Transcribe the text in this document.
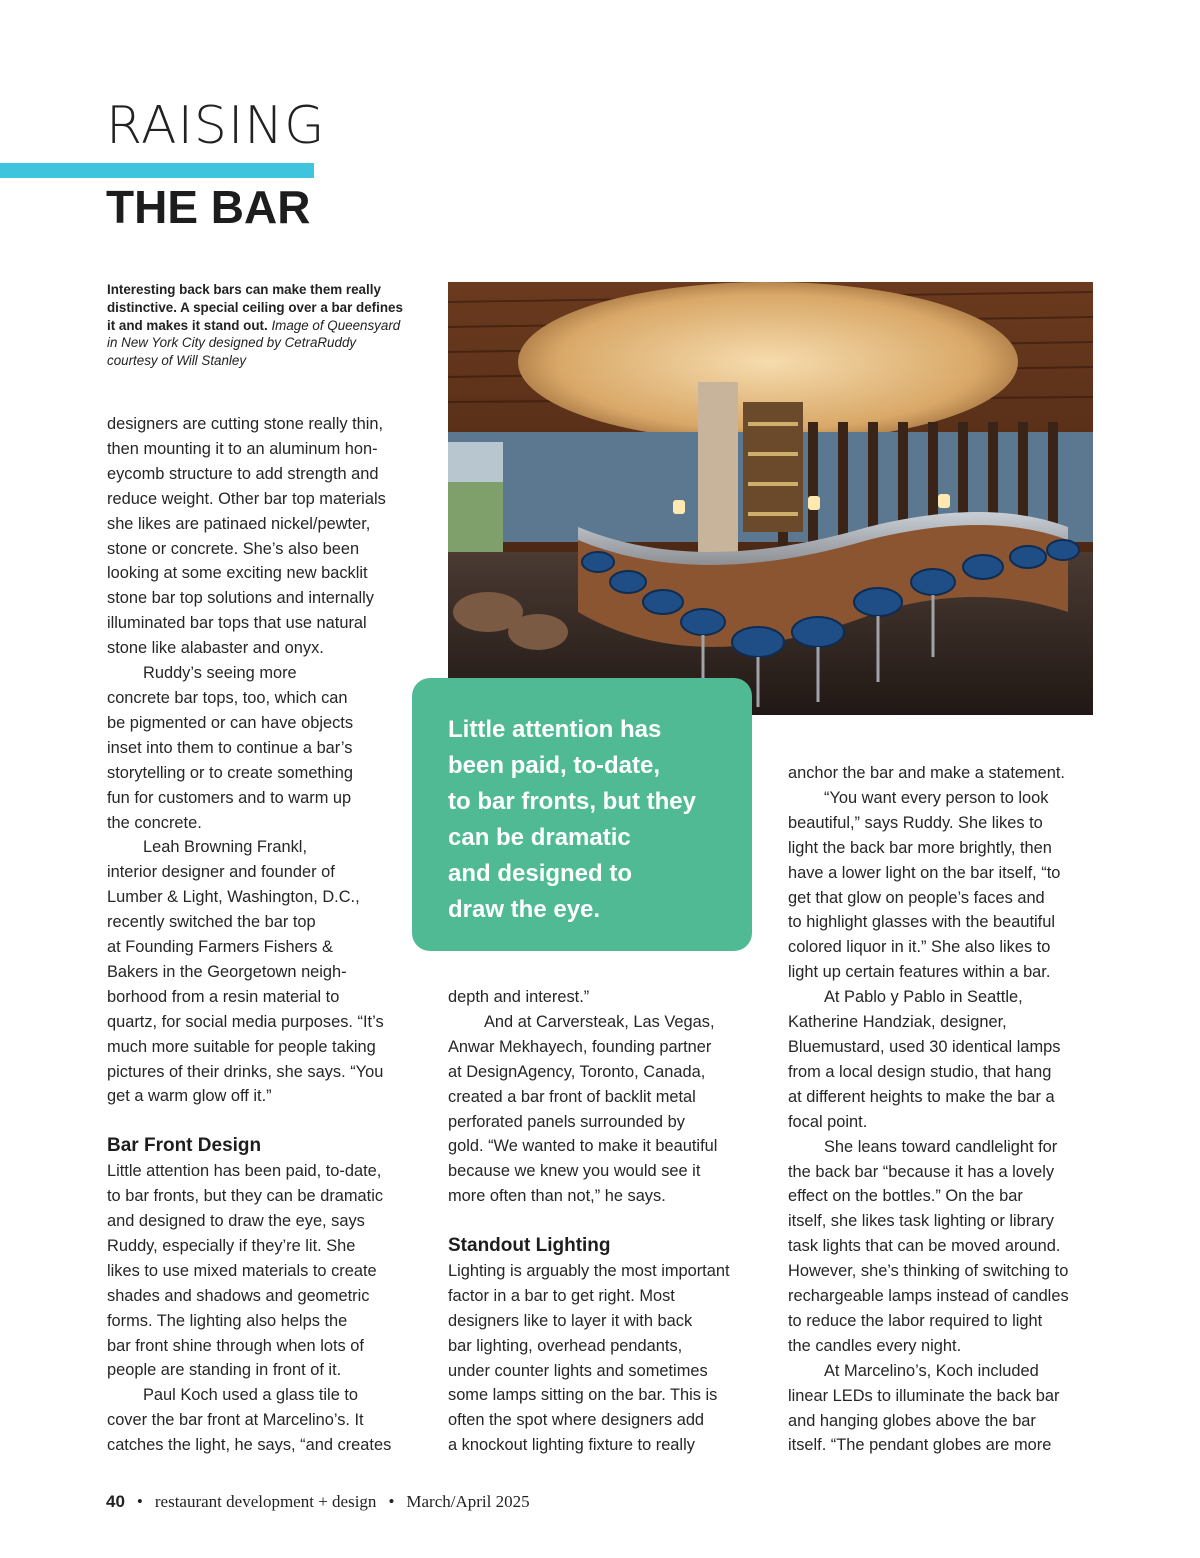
RAISING
THE BAR
Interesting back bars can make them really distinctive. A special ceiling over a bar defines it and makes it stand out. Image of Queensyard in New York City designed by CetraRuddy courtesy of Will Stanley
Little attention has
been paid, to-date,
to bar fronts, but they
can be dramatic
and designed to
draw the eye.

designers are cutting stone really thin,
then mounting it to an aluminum hon-
eycomb structure to add strength and
reduce weight. Other bar top materials
she likes are patinaed nickel/pewter,
stone or concrete. She’s also been
looking at some exciting new backlit
stone bar top solutions and internally
illuminated bar tops that use natural
stone like alabaster and onyx.

Ruddy’s seeing more
concrete bar tops, too, which can
be pigmented or can have objects
inset into them to continue a bar’s
storytelling or to create something
fun for customers and to warm up
the concrete.

Leah Browning Frankl,
interior designer and founder of
Lumber & Light, Washington, D.C.,
recently switched the bar top
at Founding Farmers Fishers &
Bakers in the Georgetown neigh-
borhood from a resin material to
quartz, for social media purposes. “It’s
much more suitable for people taking
pictures of their drinks, she says. “You
get a warm glow off it.”

Bar Front Design

Little attention has been paid, to-date,
to bar fronts, but they can be dramatic
and designed to draw the eye, says
Ruddy, especially if they’re lit. She
likes to use mixed materials to create
shades and shadows and geometric
forms. The lighting also helps the
bar front shine through when lots of
people are standing in front of it.

Paul Koch used a glass tile to
cover the bar front at Marcelino’s. It
catches the light, he says, “and creates

depth and interest.”

And at Carversteak, Las Vegas,
Anwar Mekhayech, founding partner
at DesignAgency, Toronto, Canada,
created a bar front of backlit metal
perforated panels surrounded by
gold. “We wanted to make it beautiful
because we knew you would see it
more often than not,” he says.

Standout Lighting

Lighting is arguably the most important
factor in a bar to get right. Most
designers like to layer it with back
bar lighting, overhead pendants,
under counter lights and sometimes
some lamps sitting on the bar. This is
often the spot where designers add
a knockout lighting fixture to really

anchor the bar and make a statement.

“You want every person to look
beautiful,” says Ruddy. She likes to
light the back bar more brightly, then
have a lower light on the bar itself, “to
get that glow on people’s faces and
to highlight glasses with the beautiful
colored liquor in it.” She also likes to
light up certain features within a bar.

At Pablo y Pablo in Seattle,
Katherine Handziak, designer,
Bluemustard, used 30 identical lamps
from a local design studio, that hang
at different heights to make the bar a
focal point.

She leans toward candlelight for
the back bar “because it has a lovely
effect on the bottles.” On the bar
itself, she likes task lighting or library
task lights that can be moved around.
However, she’s thinking of switching to
rechargeable lamps instead of candles
to reduce the labor required to light
the candles every night.

At Marcelino’s, Koch included
linear LEDs to illuminate the back bar
and hanging globes above the bar
itself. “The pendant globes are more

40 • restaurant development + design • March/April 2025
